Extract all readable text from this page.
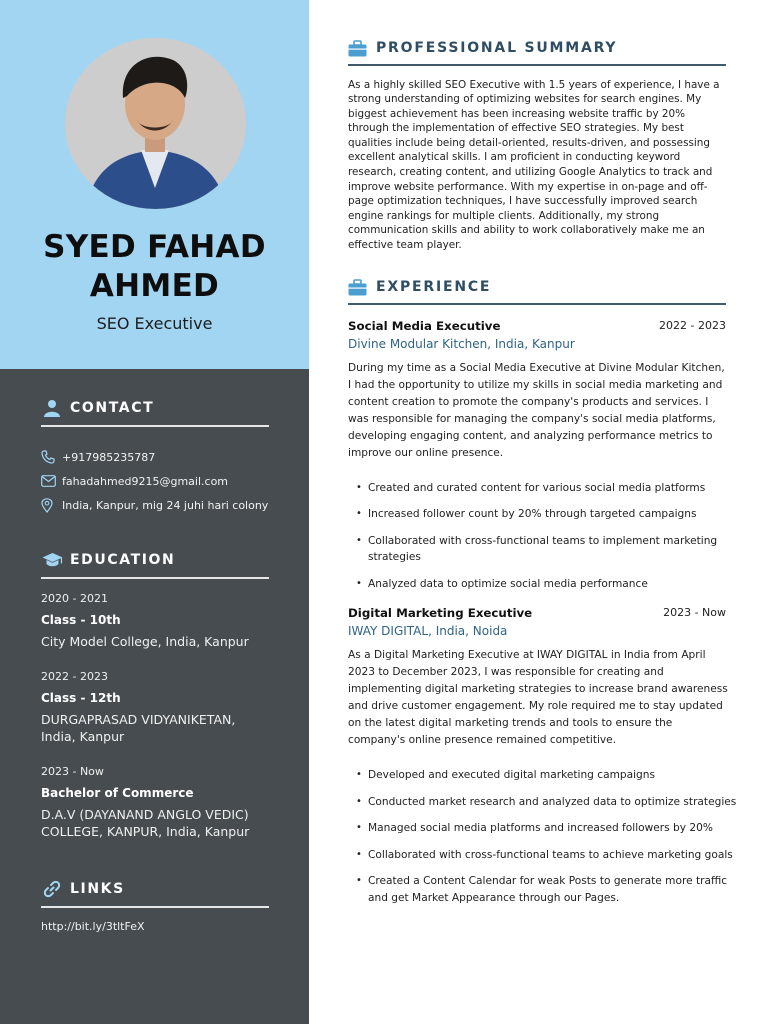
SYED FAHAD AHMED
SEO Executive
CONTACT
+917985235787
fahadahmed9215@gmail.com
India, Kanpur, mig 24 juhi hari colony
EDUCATION
2020 - 2021
Class - 10th
City Model College, India, Kanpur
2022 - 2023
Class - 12th
DURGAPRASAD VIDYANIKETAN, India, Kanpur
2023 - Now
Bachelor of Commerce
D.A.V (DAYANAND ANGLO VEDIC) COLLEGE, KANPUR, India, Kanpur
LINKS
http://bit.ly/3tltFeX
PROFESSIONAL SUMMARY
As a highly skilled SEO Executive with 1.5 years of experience, I have a strong understanding of optimizing websites for search engines. My biggest achievement has been increasing website traffic by 20% through the implementation of effective SEO strategies. My best qualities include being detail-oriented, results-driven, and possessing excellent analytical skills. I am proficient in conducting keyword research, creating content, and utilizing Google Analytics to track and improve website performance. With my expertise in on-page and off-page optimization techniques, I have successfully improved search engine rankings for multiple clients. Additionally, my strong communication skills and ability to work collaboratively make me an effective team player.
EXPERIENCE
Social Media Executive	2022 - 2023
Divine Modular Kitchen, India, Kanpur
During my time as a Social Media Executive at Divine Modular Kitchen, I had the opportunity to utilize my skills in social media marketing and content creation to promote the company's products and services. I was responsible for managing the company's social media platforms, developing engaging content, and analyzing performance metrics to improve our online presence.
• Created and curated content for various social media platforms
• Increased follower count by 20% through targeted campaigns
• Collaborated with cross-functional teams to implement marketing strategies
• Analyzed data to optimize social media performance
Digital Marketing Executive	2023 - Now
IWAY DIGITAL, India, Noida
As a Digital Marketing Executive at IWAY DIGITAL in India from April 2023 to December 2023, I was responsible for creating and implementing digital marketing strategies to increase brand awareness and drive customer engagement. My role required me to stay updated on the latest digital marketing trends and tools to ensure the company's online presence remained competitive.
• Developed and executed digital marketing campaigns
• Conducted market research and analyzed data to optimize strategies
• Managed social media platforms and increased followers by 20%
• Collaborated with cross-functional teams to achieve marketing goals
• Created a Content Calendar for weak Posts to generate more traffic and get Market Appearance through our Pages.
